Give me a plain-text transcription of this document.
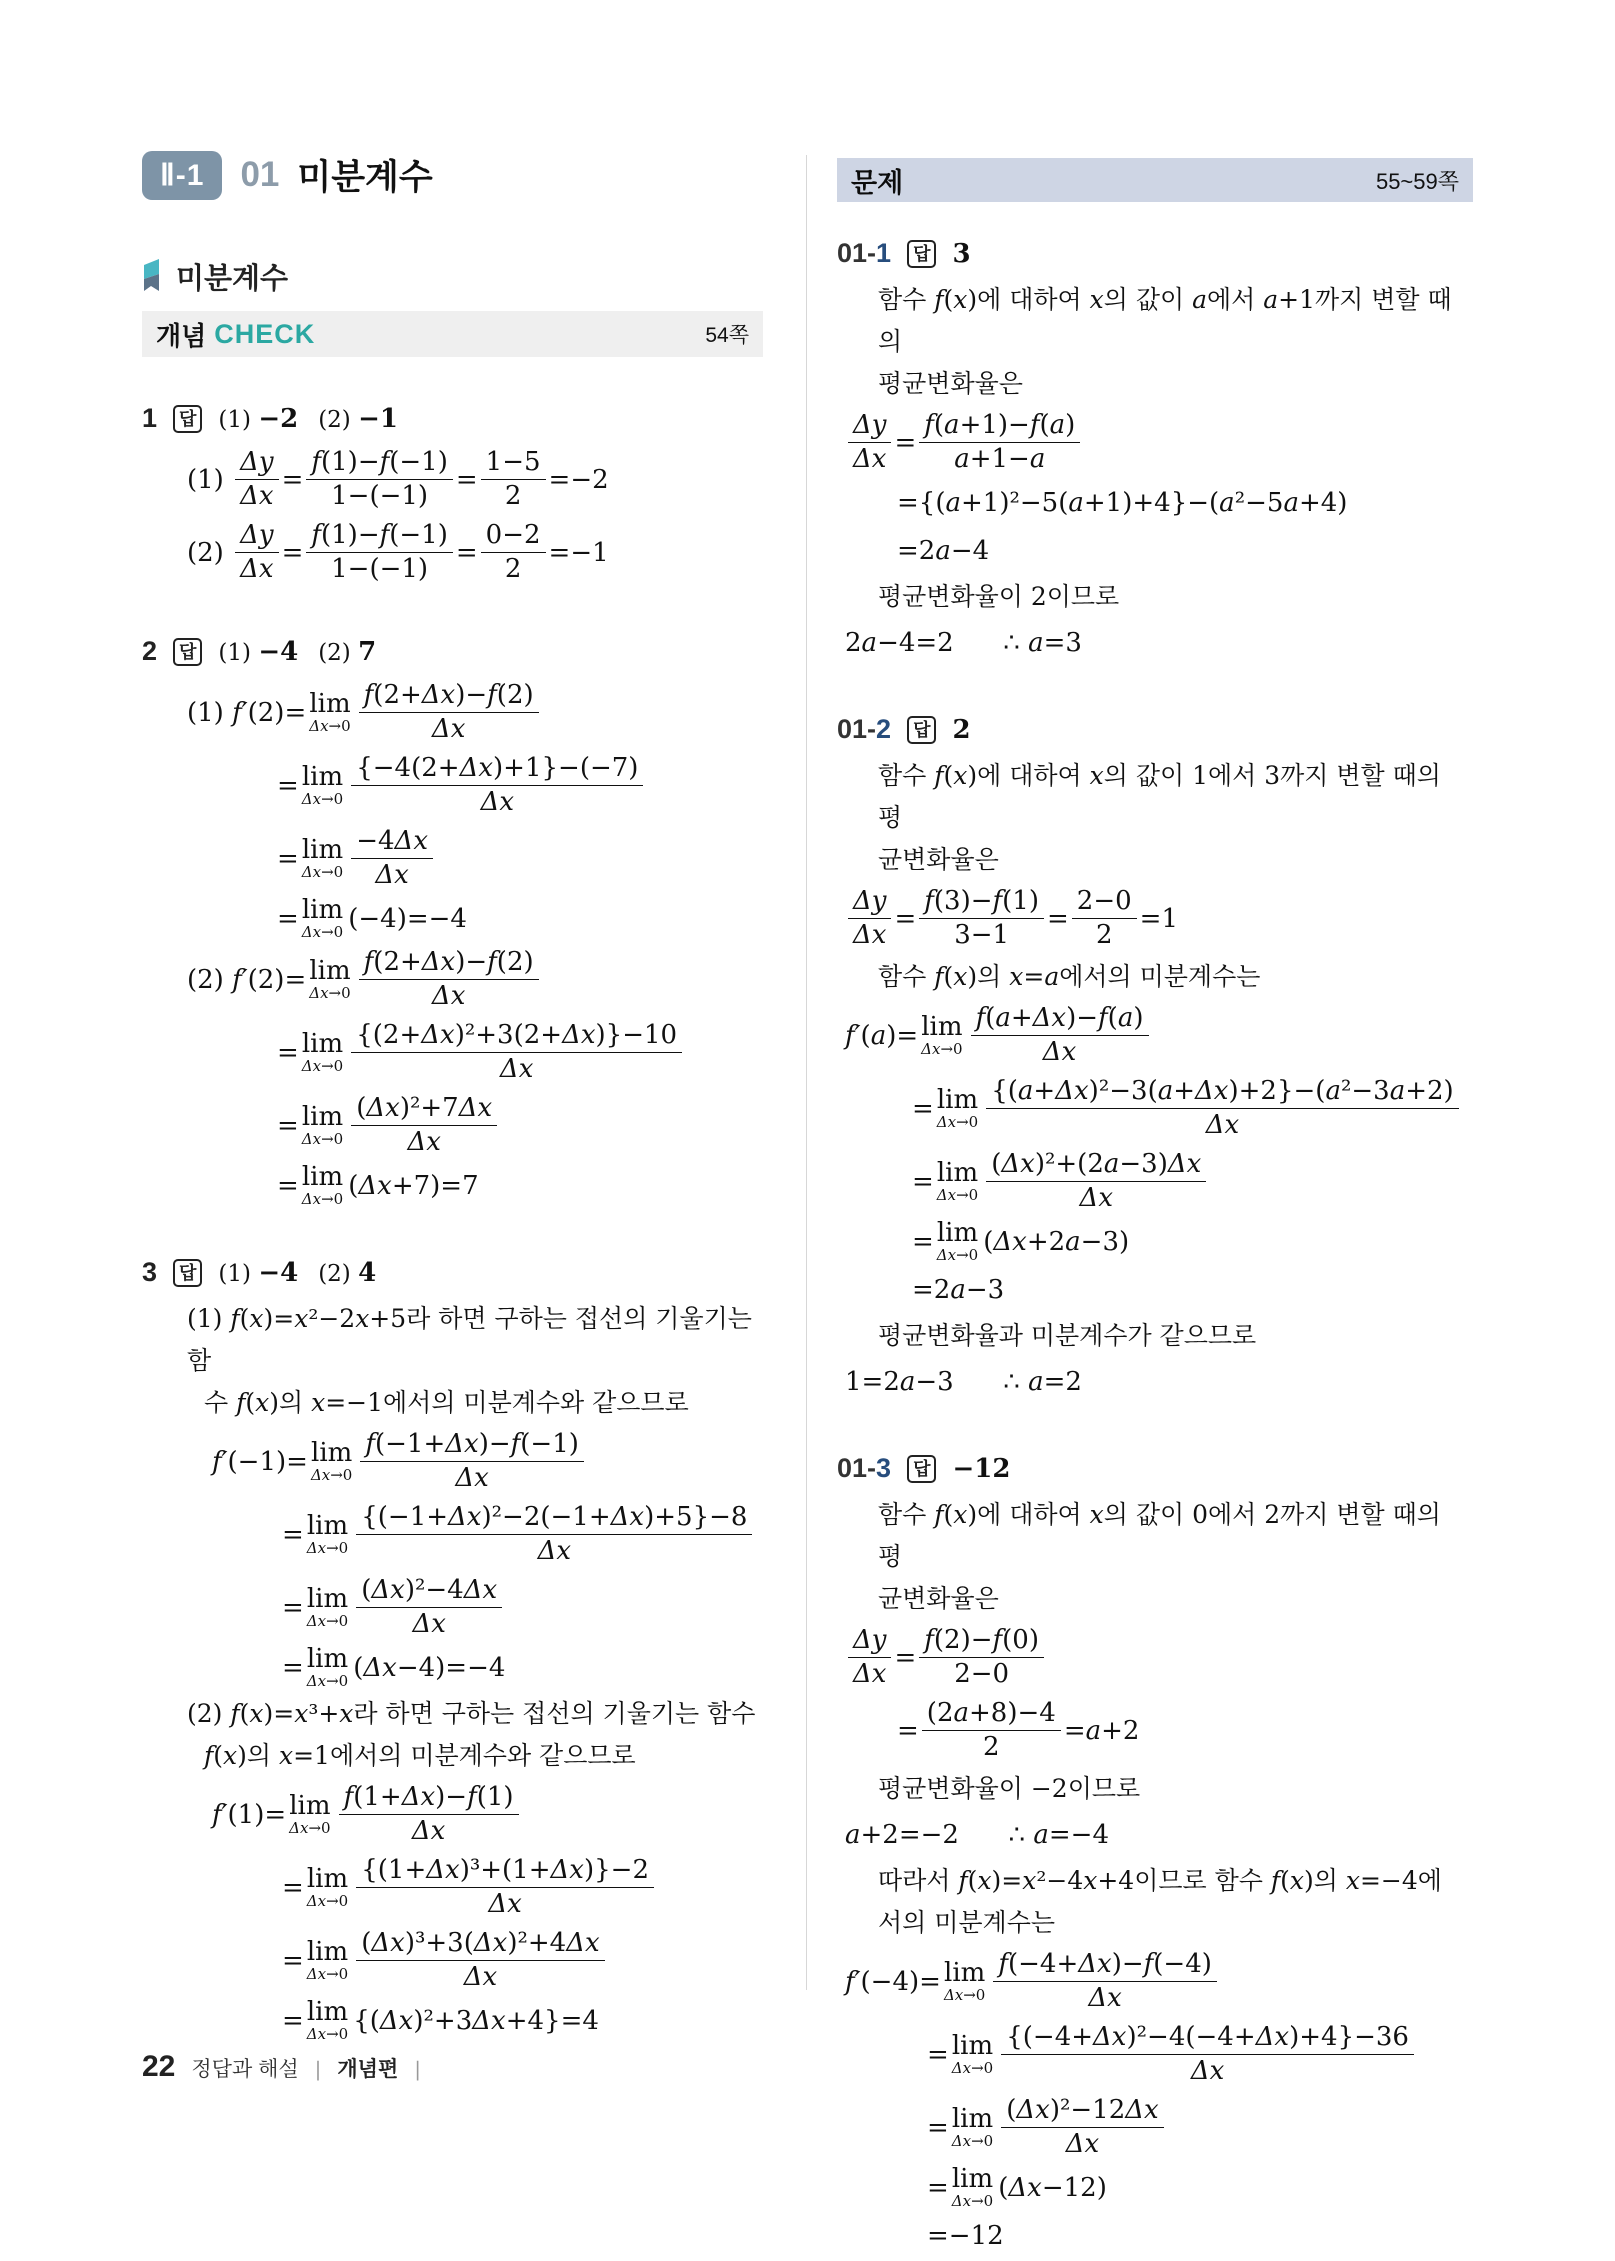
Ⅱ-1	01 미분계수
미분계수
개념 CHECK	54쪽
1	답 (1) −2 (2) −1
$(1) \frac{\Delta y}{\Delta x} = \frac{f(1)-f(-1)}{1-(-1)} = \frac{1-5}{2} =-2$
$(2) \frac{\Delta y}{\Delta x} = \frac{f(1)-f(-1)}{1-(-1)} = \frac{0-2}{2} =-1$
2	답 (1) −4 (2) 7
(1) f′ (2)= lim
$\Delta x\to 0 \frac{f(2+\Delta x)-f(2)}{\Delta x}$
= lim
$\Delta x\to 0 \frac{\{-4(2+\Delta x)+1\}-(-7)}{\Delta x}$
= lim
$\Delta x\to 0 \frac{-4\Delta x}{\Delta x}$
= lim
Δx→0 (−4)=−4
(2) f′ (2)= lim
$\Delta x\to 0 \frac{f(2+\Delta x)-f(2)}{\Delta x}$
= lim
$\Delta x\to 0 \frac{\text{\{(2+Δx)²+3(2+Δx)\}−10}}{\Delta x}$
= lim
$\Delta x\to 0 \frac{\text{(Δx)²+7Δx}}{\Delta x}$
= lim
Δx→0 ( Δx +7)=7
3	답 (1) −4 (2) 4
(1) f(x)=x²−2x+5라 하면 구하는 접선의 기울기는 함
수 f(x)의 x=−1에서의 미분계수와 같으므로
f′ (−1)= lim
$\Delta x\to 0 \frac{f(-1+\Delta x)-f(-1)}{\Delta x}$
= lim
$\Delta x\to 0 \frac{\text{\{(−1+Δx)²−2(−1+Δx)+5\}−8}}{\Delta x}$
= lim
$\Delta x\to 0 \frac{\text{(Δx)²−4Δx}}{\Delta x}$
= lim
Δx→0 ( Δx −4)=−4
(2) f(x)=x³+x라 하면 구하는 접선의 기울기는 함수
f(x)의 x=1에서의 미분계수와 같으므로
f′ (1)= lim
$\Delta x\to 0 \frac{f(1+\Delta x)-f(1)}{\Delta x}$
= lim
$\Delta x\to 0 \frac{\text{\{(1+Δx)³+(1+Δx)\}−2}}{\Delta x}$
= lim
$\Delta x\to 0 \frac{\text{(Δx)³+3(Δx)²+4Δx}}{\Delta x}$
= lim
Δx→0 {( Δx )²+3 Δx +4}=4
문제	55~59쪽
01-1	답 3
함수 f(x)에 대하여 x의 값이 a에서 a+1까지 변할 때의
평균변화율은
$\frac{\Delta y}{\Delta x} = \frac{f(a+1)-f(a)}{a+1-a}$
={( a +1)²−5( a +1)+4}−( a ²−5 a +4)
=2 a −4
평균변화율이 2이므로
2 a −4=2      ∴ a =3
01-2	답 2
함수 f(x)에 대하여 x의 값이 1에서 3까지 변할 때의 평
균변화율은
$\frac{\Delta y}{\Delta x} = \frac{f(3)-f(1)}{3-1} = \frac{2-0}{2} =1$
함수 f(x)의 x=a에서의 미분계수는
f′ ( a )= lim
$\Delta x\to 0 \frac{f(a+\Delta x)-f(a)}{\Delta x}$
= lim
$\Delta x\to 0 \frac{\text{\{(a+Δx)²−3(a+Δx)+2\}−(a²−3a+2)}}{\Delta x}$
= lim
$\Delta x\to 0 \frac{\text{(Δx)²+(2a−3)Δx}}{\Delta x}$
= lim
Δx→0 ( Δx +2 a −3)
=2 a −3
평균변화율과 미분계수가 같으므로
1=2 a −3      ∴ a =2
01-3	답 −12
함수 f(x)에 대하여 x의 값이 0에서 2까지 변할 때의 평
균변화율은
$\frac{\Delta y}{\Delta x} = \frac{f(2)-f(0)}{2-0}$
= $\frac{(2a+8)-4}{2} = a +2$
평균변화율이 −2이므로
a +2=−2      ∴ a =−4
따라서 f(x)=x²−4x+4이므로 함수 f(x)의 x=−4에
서의 미분계수는
f′ (−4)= lim
$\Delta x\to 0 \frac{f(-4+\Delta x)-f(-4)}{\Delta x}$
= lim
$\Delta x\to 0 \frac{\text{\{(−4+Δx)²−4(−4+Δx)+4\}−36}}{\Delta x}$
= lim
$\Delta x\to 0 \frac{\text{(Δx)²−12Δx}}{\Delta x}$
= lim
Δx→0 ( Δx −12)
=−12
22 정답과 해설 | 개념편 |
